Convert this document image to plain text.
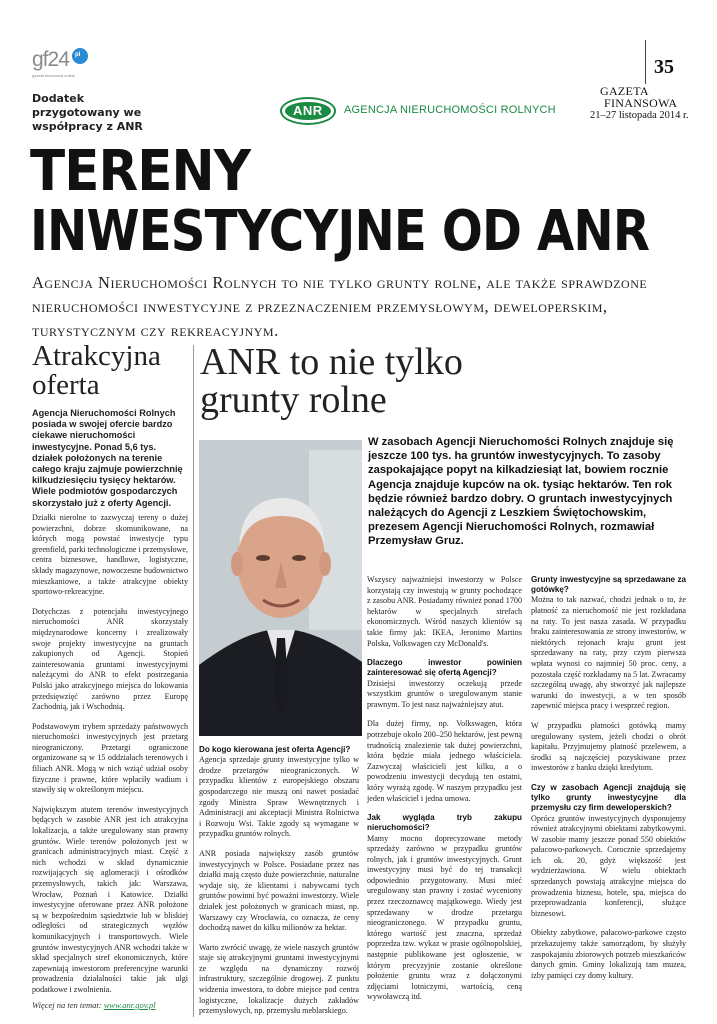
gf24 pl
gazeta finansowa online
Dodatek przygotowany we współpracy z ANR
ANR AGENCJA NIERUCHOMOŚCI ROLNYCH
35
GAZETA
FINANSOWA
21–27 listopada 2014 r.
TERENY
INWESTYCYJNE OD ANR
Agencja Nieruchomości Rolnych to nie tylko grunty rolne, ale także sprawdzone nieruchomości inwestycyjne z przeznaczeniem przemysłowym, deweloperskim, turystycznym czy rekreacyjnym.
Atrakcyjna oferta
Agencja Nieruchomości Rolnych posiada w swojej ofercie bardzo ciekawe nieruchomości inwestycyjne. Ponad 5,6 tys. działek położonych na terenie całego kraju zajmuje powierzchnię kilkudziesięciu tysięcy hektarów. Wiele podmiotów gospodarczych skorzystało już z oferty Agencji.

Działki nierolne to zazwyczaj tereny o dużej powierzchni, dobrze skomunikowane, na których mogą powstać inwestycje typu greenfield, parki technologiczne i przemysłowe, centra biznesowe, handlowe, logistyczne, składy magazynowe, nowoczesne budownictwo mieszkaniowe, a także atrakcyjne obiekty sportowo-rekreacyjne.

Dotychczas z potencjału inwestycyjnego nieruchomości ANR skorzystały międzynarodowe koncerny i zrealizowały swoje projekty inwestycyjne na gruntach zakupionych od Agencji. Stopień zainteresowania gruntami inwestycyjnymi należącymi do ANR to efekt postrzegania Polski jako atrakcyjnego miejsca do lokowania przedsięwzięć zarówno przez Europę Zachodnią, jak i Wschodnią.

Podstawowym trybem sprzedaży państwowych nieruchomości inwestycyjnych jest przetarg nieograniczony. Przetargi ograniczone organizowane są w 15 oddziałach terenowych i filiach ANR. Mogą w nich wziąć udział osoby fizyczne i prawne, które wpłaciły wadium i stawiły się w określonym miejscu.

Największym atutem terenów inwestycyjnych będących w zasobie ANR jest ich atrakcyjna lokalizacja, a także uregulowany stan prawny gruntów. Wiele terenów położonych jest w granicach administracyjnych miast. Część z nich wchodzi w skład dynamicznie rozwijających się aglomeracji i ośrodków przemysłowych, takich jak: Warszawa, Wrocław, Poznań i Katowice. Działki inwestycyjne oferowane przez ANR położone są w bezpośrednim sąsiedztwie lub w bliskiej odległości od strategicznych węzłów komunikacyjnych i transportowych. Wiele gruntów inwestycyjnych ANR wchodzi także w skład specjalnych stref ekonomicznych, które zapewniają inwestorom preferencyjne warunki prowadzenia działalności takie jak ulgi podatkowe i zwolnienia.

Więcej na ten temat: www.anr.gov.pl
ANR to nie tylko grunty rolne
W zasobach Agencji Nieruchomości Rolnych znajduje się jeszcze 100 tys. ha gruntów inwestycyjnych. To zasoby zaspokajające popyt na kilkadziesiąt lat, bowiem rocznie Agencja znajduje kupców na ok. tysiąc hektarów. Ten rok będzie również bardzo dobry. O gruntach inwestycyjnych należących do Agencji z Leszkiem Świętochowskim, prezesem Agencji Nieruchomości Rolnych, rozmawiał Przemysław Gruz.

Do kogo kierowana jest oferta Agencji?

Agencja sprzedaje grunty inwestycyjne tylko w drodze przetargów nieograniczonych. W przypadku klientów z europejskiego obszaru gospodarczego nie muszą oni nawet posiadać zgody Ministra Spraw Wewnętrznych i Administracji ani akceptacji Ministra Rolnictwa i Rozwoju Wsi. Takie zgody są wymagane w przypadku gruntów rolnych.

ANR posiada największy zasób gruntów inwestycyjnych w Polsce. Posiadane przez nas działki mają często duże powierzchnie, naturalne wydaje się, że klientami i nabywcami tych gruntów powinni być poważni inwestorzy. Wiele działek jest położonych w granicach miast, np. Warszawy czy Wrocławia, co oznacza, że ceny dochodzą nawet do kilku milionów za hektar.

Warto zwrócić uwagę, że wiele naszych gruntów staje się atrakcyjnymi gruntami inwestycyjnymi ze względu na dynamiczny rozwój infrastruktury, szczególnie drogowej. Z punktu widzenia inwestora, to dobre miejsce pod centra logistyczne, lokalizacje dużych zakładów przemysłowych, np. przemysłu meblarskiego.

Wszyscy najważniejsi inwestorzy w Polsce korzystają czy inwestują w grunty pochodzące z zasobu ANR. Posiadamy również ponad 1700 hektarów w specjalnych strefach ekonomicznych. Wśród naszych klientów są takie firmy jak: IKEA, Jeronimo Martins Polska, Volkswagen czy McDonald's.

Dlaczego inwestor powinien zainteresować się ofertą Agencji?

Dzisiejsi inwestorzy oczekują przede wszystkim gruntów o uregulowanym stanie prawnym. To jest nasz najważniejszy atut.

Dla dużej firmy, np. Volkswagen, która potrzebuje około 200–250 hektarów, jest pewną trudnością znalezienie tak dużej powierzchni, która będzie miała jednego właściciela. Zazwyczaj właścicieli jest kilku, a o powodzeniu inwestycji decydują ten ostatni, który wyrażą zgodę. W naszym przypadku jest jeden właściciel i jedna umowa.

Jak wygląda tryb zakupu nieruchomości?

Mamy mocno doprecyzowane metody sprzedaży zarówno w przypadku gruntów rolnych, jak i gruntów inwestycyjnych. Grunt inwestycyjny musi być do tej transakcji odpowiednio przygotowany. Musi mieć uregulowany stan prawny i zostać wyceniony przez rzeczoznawcę majątkowego. Wiedy jest sprzedawany w drodze przetargu nieograniczonego. W przypadku gruntu, którego wartość jest znaczna, sprzedaż poprzedza tzw. wykaz w prasie ogólnopolskiej, następnie publikowane jest ogłoszenie, w którym precyzyjnie zostanie określone położenie gruntu wraz z dołączonymi zdjęciami lotniczymi, wartością, ceną wywoławczą itd.

Grunty inwestycyjne są sprzedawane za gotówkę?

Można to tak nazwać, chodzi jednak o to, że płatność za nieruchomość nie jest rozkładana na raty. To jest nasza zasada. W przypadku braku zainteresowania ze strony inwestorów, w niektórych rejonach kraju grunt jest sprzedawany na raty, przy czym pierwsza wpłata wynosi co najmniej 50 proc. ceny, a pozostała część rozkładamy na 5 lat. Zwracamy szczególną uwagę, aby stworzyć jak najlepsze warunki do inwestycji, a w ten sposób zapewnić miejsca pracy i wesprzeć region.

W przypadku płatności gotówką mamy uregulowany system, jeżeli chodzi o obrót kapitału. Przyjmujemy płatność przelewem, a środki są najczęściej pozyskiwane przez inwestorów z banku dzięki kredytom.

Czy w zasobach Agencji znajdują się tylko grunty inwestycyjne dla przemysłu czy firm deweloperskich?

Oprócz gruntów inwestycyjnych dysponujemy również atrakcyjnymi obiektami zabytkowymi. W zasobie mamy jeszcze ponad 550 obiektów pałacowo-parkowych. Corocznie sprzedajemy ich ok. 20, gdyż większość jest wydzierżawiona. W wielu obiektach sprzedanych powstają atrakcyjne miejsca do prowadzenia biznesu, hotele, spa, miejsca do przeprowadzania konferencji, służące biznesowi.

Obiekty zabytkowe, pałacowo-parkowe często przekazujemy także samorządom, by służyły zaspokajaniu zbiorowych potrzeb mieszkańców danych gmin. Gminy lokalizują tam muzea, izby pamięci czy domy kultury.
